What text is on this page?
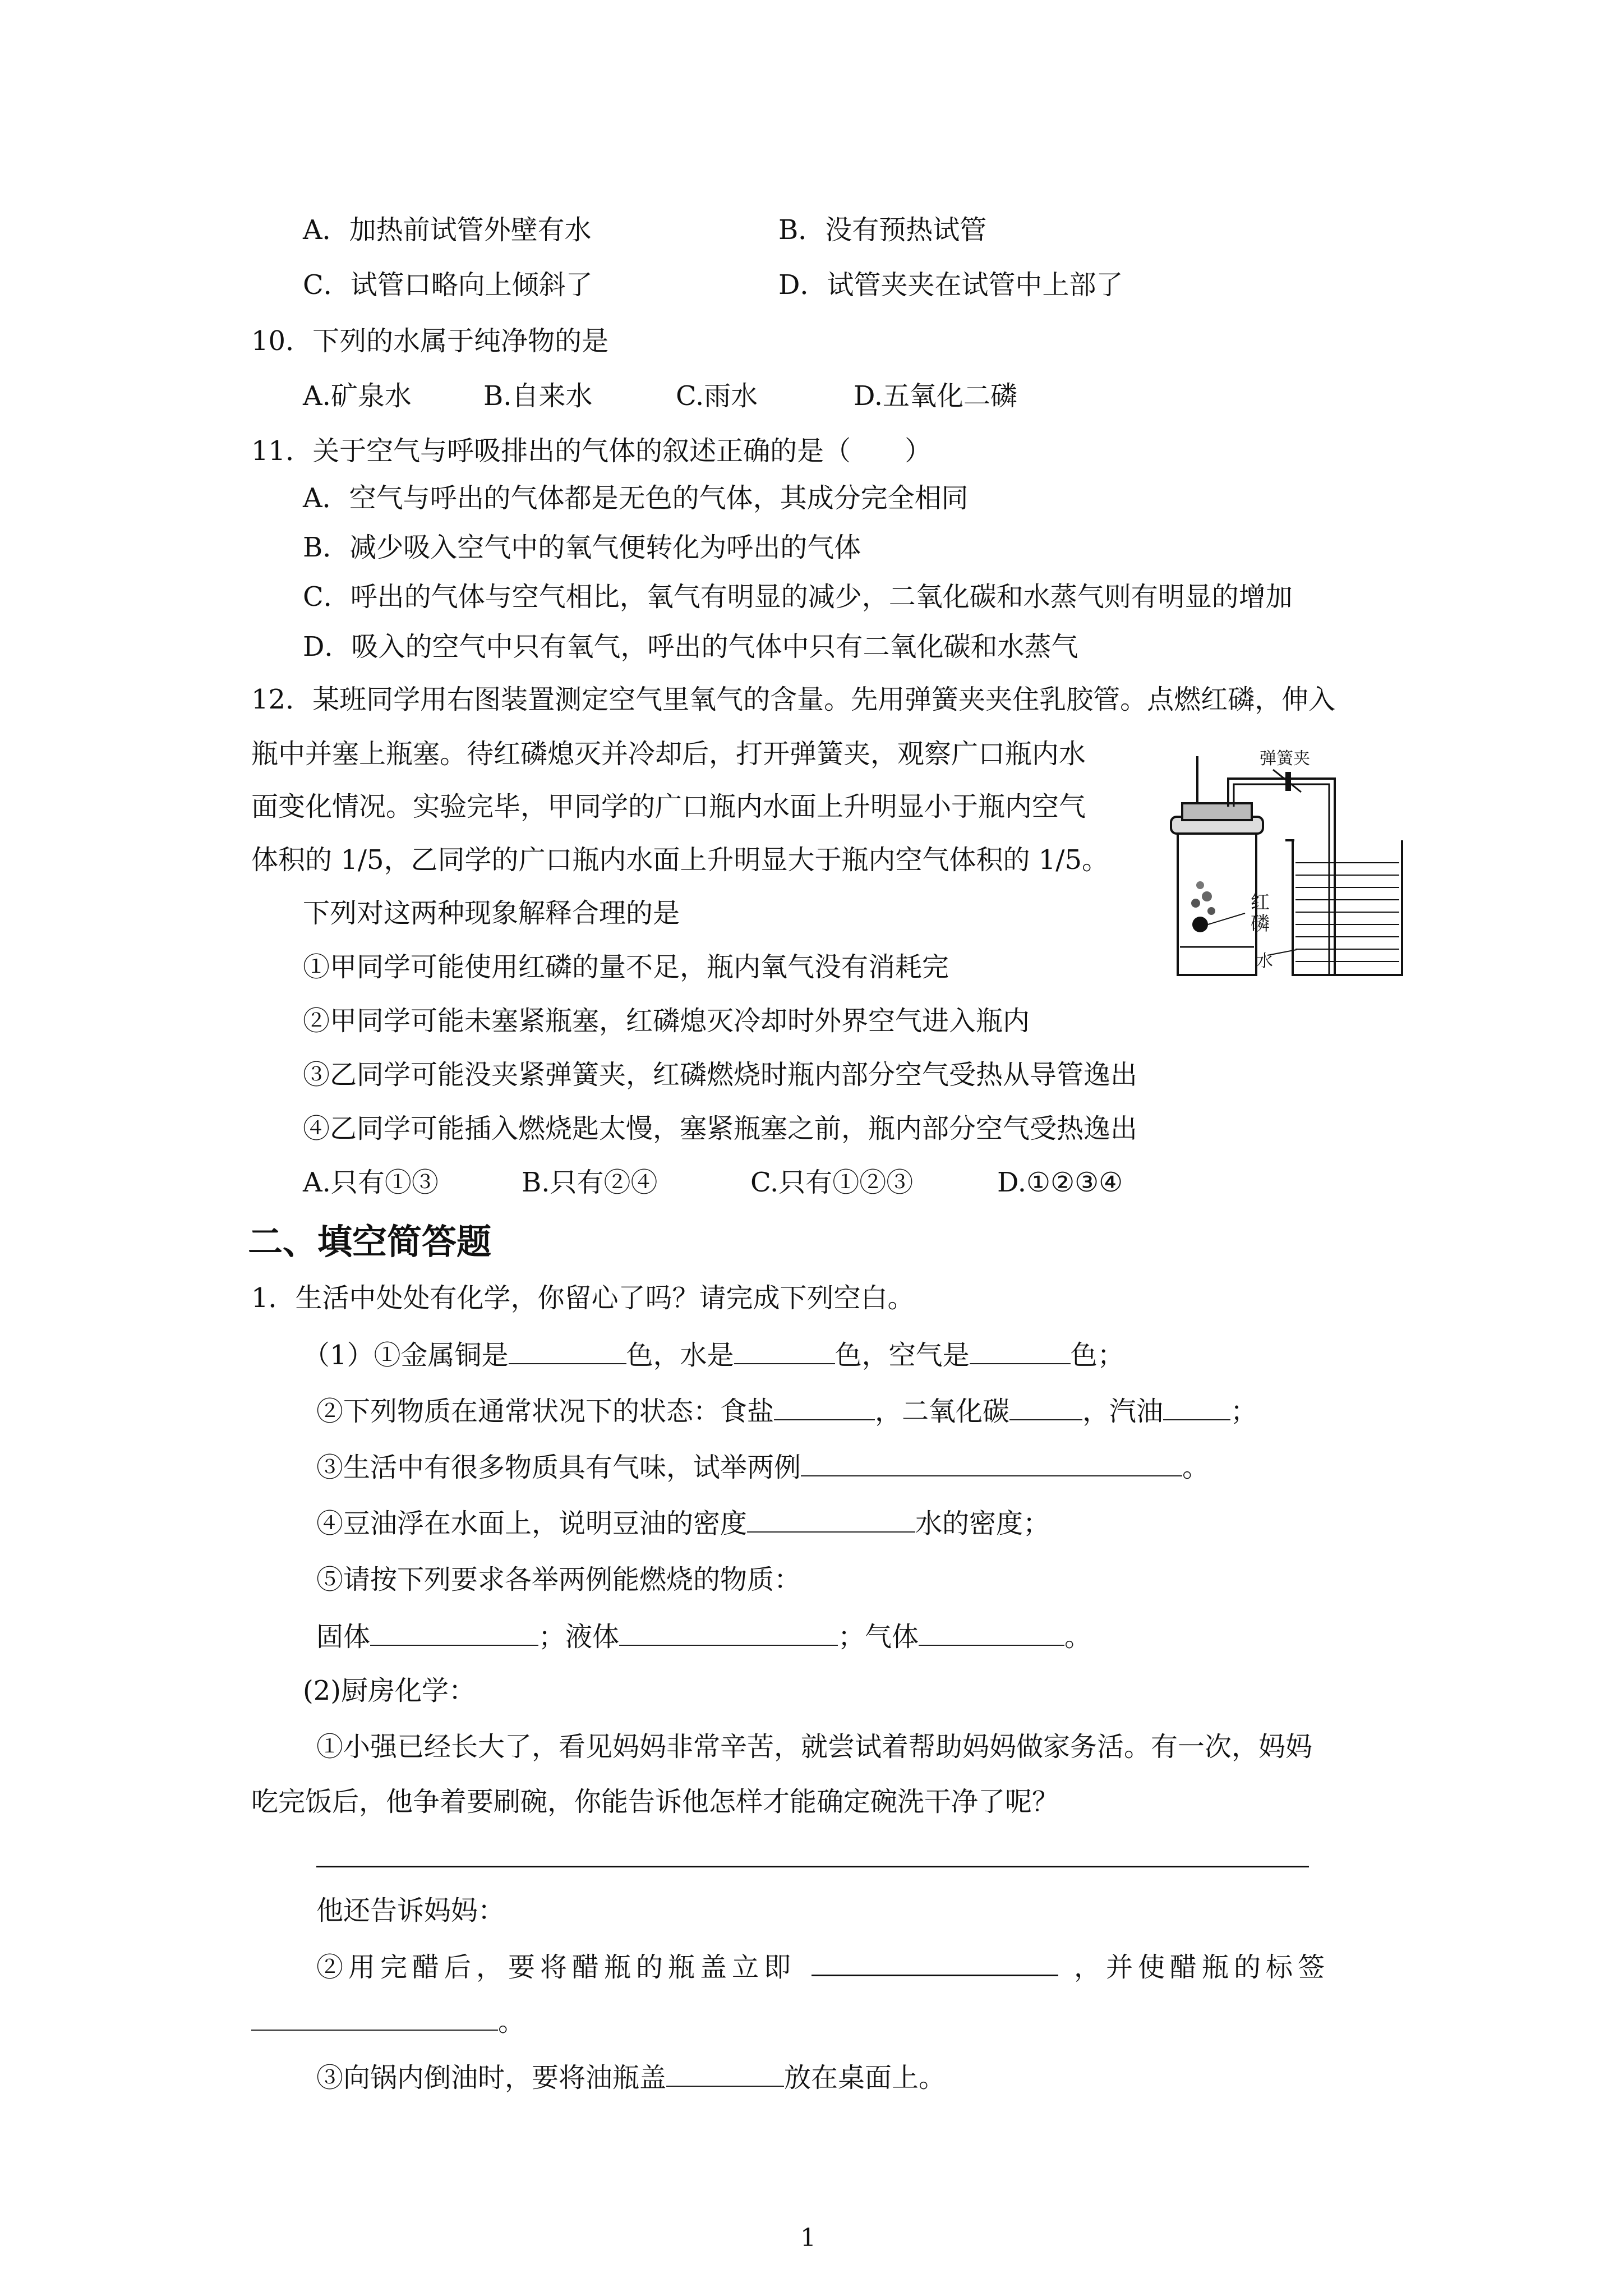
A．加热前试管外壁有水	B．没有预热试管
C．试管口略向上倾斜了	D．试管夹夹在试管中上部了
10．下列的水属于纯净物的是
A.矿泉水	B.自来水	C.雨水	D.五氧化二磷
11．关于空气与呼吸排出的气体的叙述正确的是（　　）
A．空气与呼出的气体都是无色的气体，其成分完全相同
B．减少吸入空气中的氧气便转化为呼出的气体
C．呼出的气体与空气相比，氧气有明显的减少，二氧化碳和水蒸气则有明显的增加
D．吸入的空气中只有氧气，呼出的气体中只有二氧化碳和水蒸气
12．某班同学用右图装置测定空气里氧气的含量。先用弹簧夹夹住乳胶管。点燃红磷，伸入
瓶中并塞上瓶塞。待红磷熄灭并冷却后，打开弹簧夹，观察广口瓶内水
面变化情况。实验完毕，甲同学的广口瓶内水面上升明显小于瓶内空气
体积的 1/5，乙同学的广口瓶内水面上升明显大于瓶内空气体积的 1/5。
下列对这两种现象解释合理的是
①甲同学可能使用红磷的量不足，瓶内氧气没有消耗完
②甲同学可能未塞紧瓶塞，红磷熄灭冷却时外界空气进入瓶内
③乙同学可能没夹紧弹簧夹，红磷燃烧时瓶内部分空气受热从导管逸出
④乙同学可能插入燃烧匙太慢，塞紧瓶塞之前，瓶内部分空气受热逸出
A.只有①③	B.只有②④	C.只有①②③	D.①②③④
红
磷
弹簧夹
水
二、填空简答题
1．生活中处处有化学，你留心了吗？请完成下列空白。
（1）①金属铜是	色，水是	色，空气是	色；
②下列物质在通常状况下的状态：食盐	，二氧化碳	，汽油	；
③生活中有很多物质具有气味，试举两例	。
④豆油浮在水面上，说明豆油的密度	水的密度；
⑤请按下列要求各举两例能燃烧的物质：
固体	；液体	；气体	。
(2)厨房化学：
①小强已经长大了，看见妈妈非常辛苦，就尝试着帮助妈妈做家务活。有一次，妈妈
吃完饭后，他争着要刷碗，你能告诉他怎样才能确定碗洗干净了呢？
他还告诉妈妈：
②用完醋后，要将醋瓶的瓶盖立即	，并使醋瓶的标签
。
③向锅内倒油时，要将油瓶盖	放在桌面上。
1
